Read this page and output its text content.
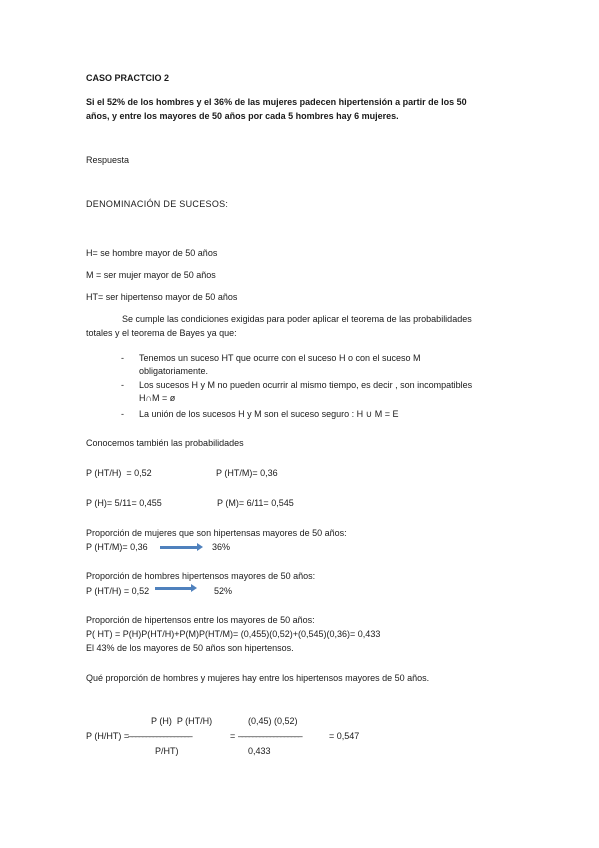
CASO PRACTCIO 2
Si el 52% de los hombres y el 36% de las mujeres padecen hipertensión a partir de los 50
años, y entre los mayores de 50 años por cada 5 hombres hay 6 mujeres.
Respuesta
DENOMINACIÓN DE SUCESOS:
H= se hombre mayor de 50 años
M = ser mujer mayor de 50 años
HT= ser hipertenso mayor de 50 años
Se cumple las condiciones exigidas para poder aplicar el teorema de las probabilidades
totales y el teorema de Bayes ya que:
- Tenemos un suceso HT que ocurre con el suceso H o con el suceso M
obligatoriamente.
- Los sucesos H y M no pueden ocurrir al mismo tiempo, es decir , son incompatibles
H∩M = ø
- La unión de los sucesos H y M son el suceso seguro : H ∪ M = E
Conocemos también las probabilidades
P (HT/H)  = 0,52	P (HT/M)= 0,36
P (H)= 5/11= 0,455	P (M)= 6/11= 0,545
Proporción de mujeres que son hipertensas mayores de 50 años:
P (HT/M)= 0,36	36%
Proporción de hombres hipertensos mayores de 50 años:
P (HT/H) = 0,52	52%
Proporción de hipertensos entre los mayores de 50 años:
P( HT) = P(H)P(HT/H)+P(M)P(HT/M)= (0,455)(0,52)+(0,545)(0,36)= 0,433
El 43% de los mayores de 50 años son hipertensos.
Qué proporción de hombres y mujeres hay entre los hipertensos mayores de 50 años.
P (H)  P (HT/H)	(0,45) (0,52)
P (H/HT) =
––––––––––––––––––	= ––––––––––––––––––	= 0,547
P/HT)	0,433
